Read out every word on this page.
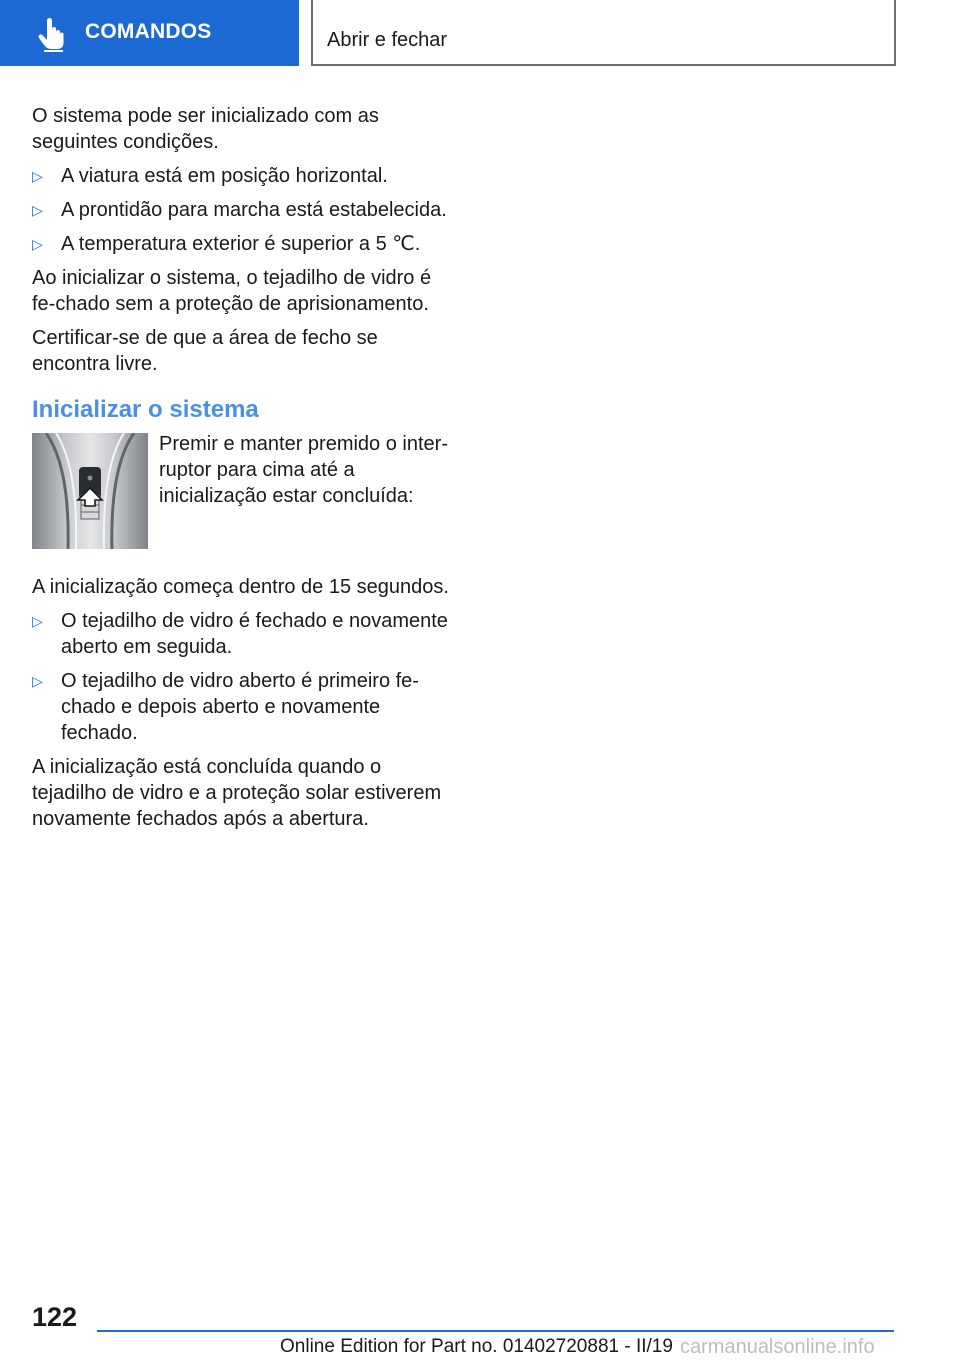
COMANDOS	Abrir e fechar

O sistema pode ser inicializado com as seguintes condições.

▷ A viatura está em posição horizontal.
▷ A prontidão para marcha está estabelecida.
▷ A temperatura exterior é superior a 5 ℃.

Ao inicializar o sistema, o tejadilho de vidro é fe‐chado sem a proteção de aprisionamento.

Certificar-se de que a área de fecho se encontra livre.

Inicializar o sistema

Premir e manter premido o inter‐ruptor para cima até a inicialização estar concluída:

A inicialização começa dentro de 15 segundos.

▷ O tejadilho de vidro é fechado e novamente aberto em seguida.
▷ O tejadilho de vidro aberto é primeiro fe‐chado e depois aberto e novamente fechado.

A inicialização está concluída quando o tejadilho de vidro e a proteção solar estiverem novamente fechados após a abertura.

122
Online Edition for Part no. 01402720881 - II/19 carmanualsonline.info
